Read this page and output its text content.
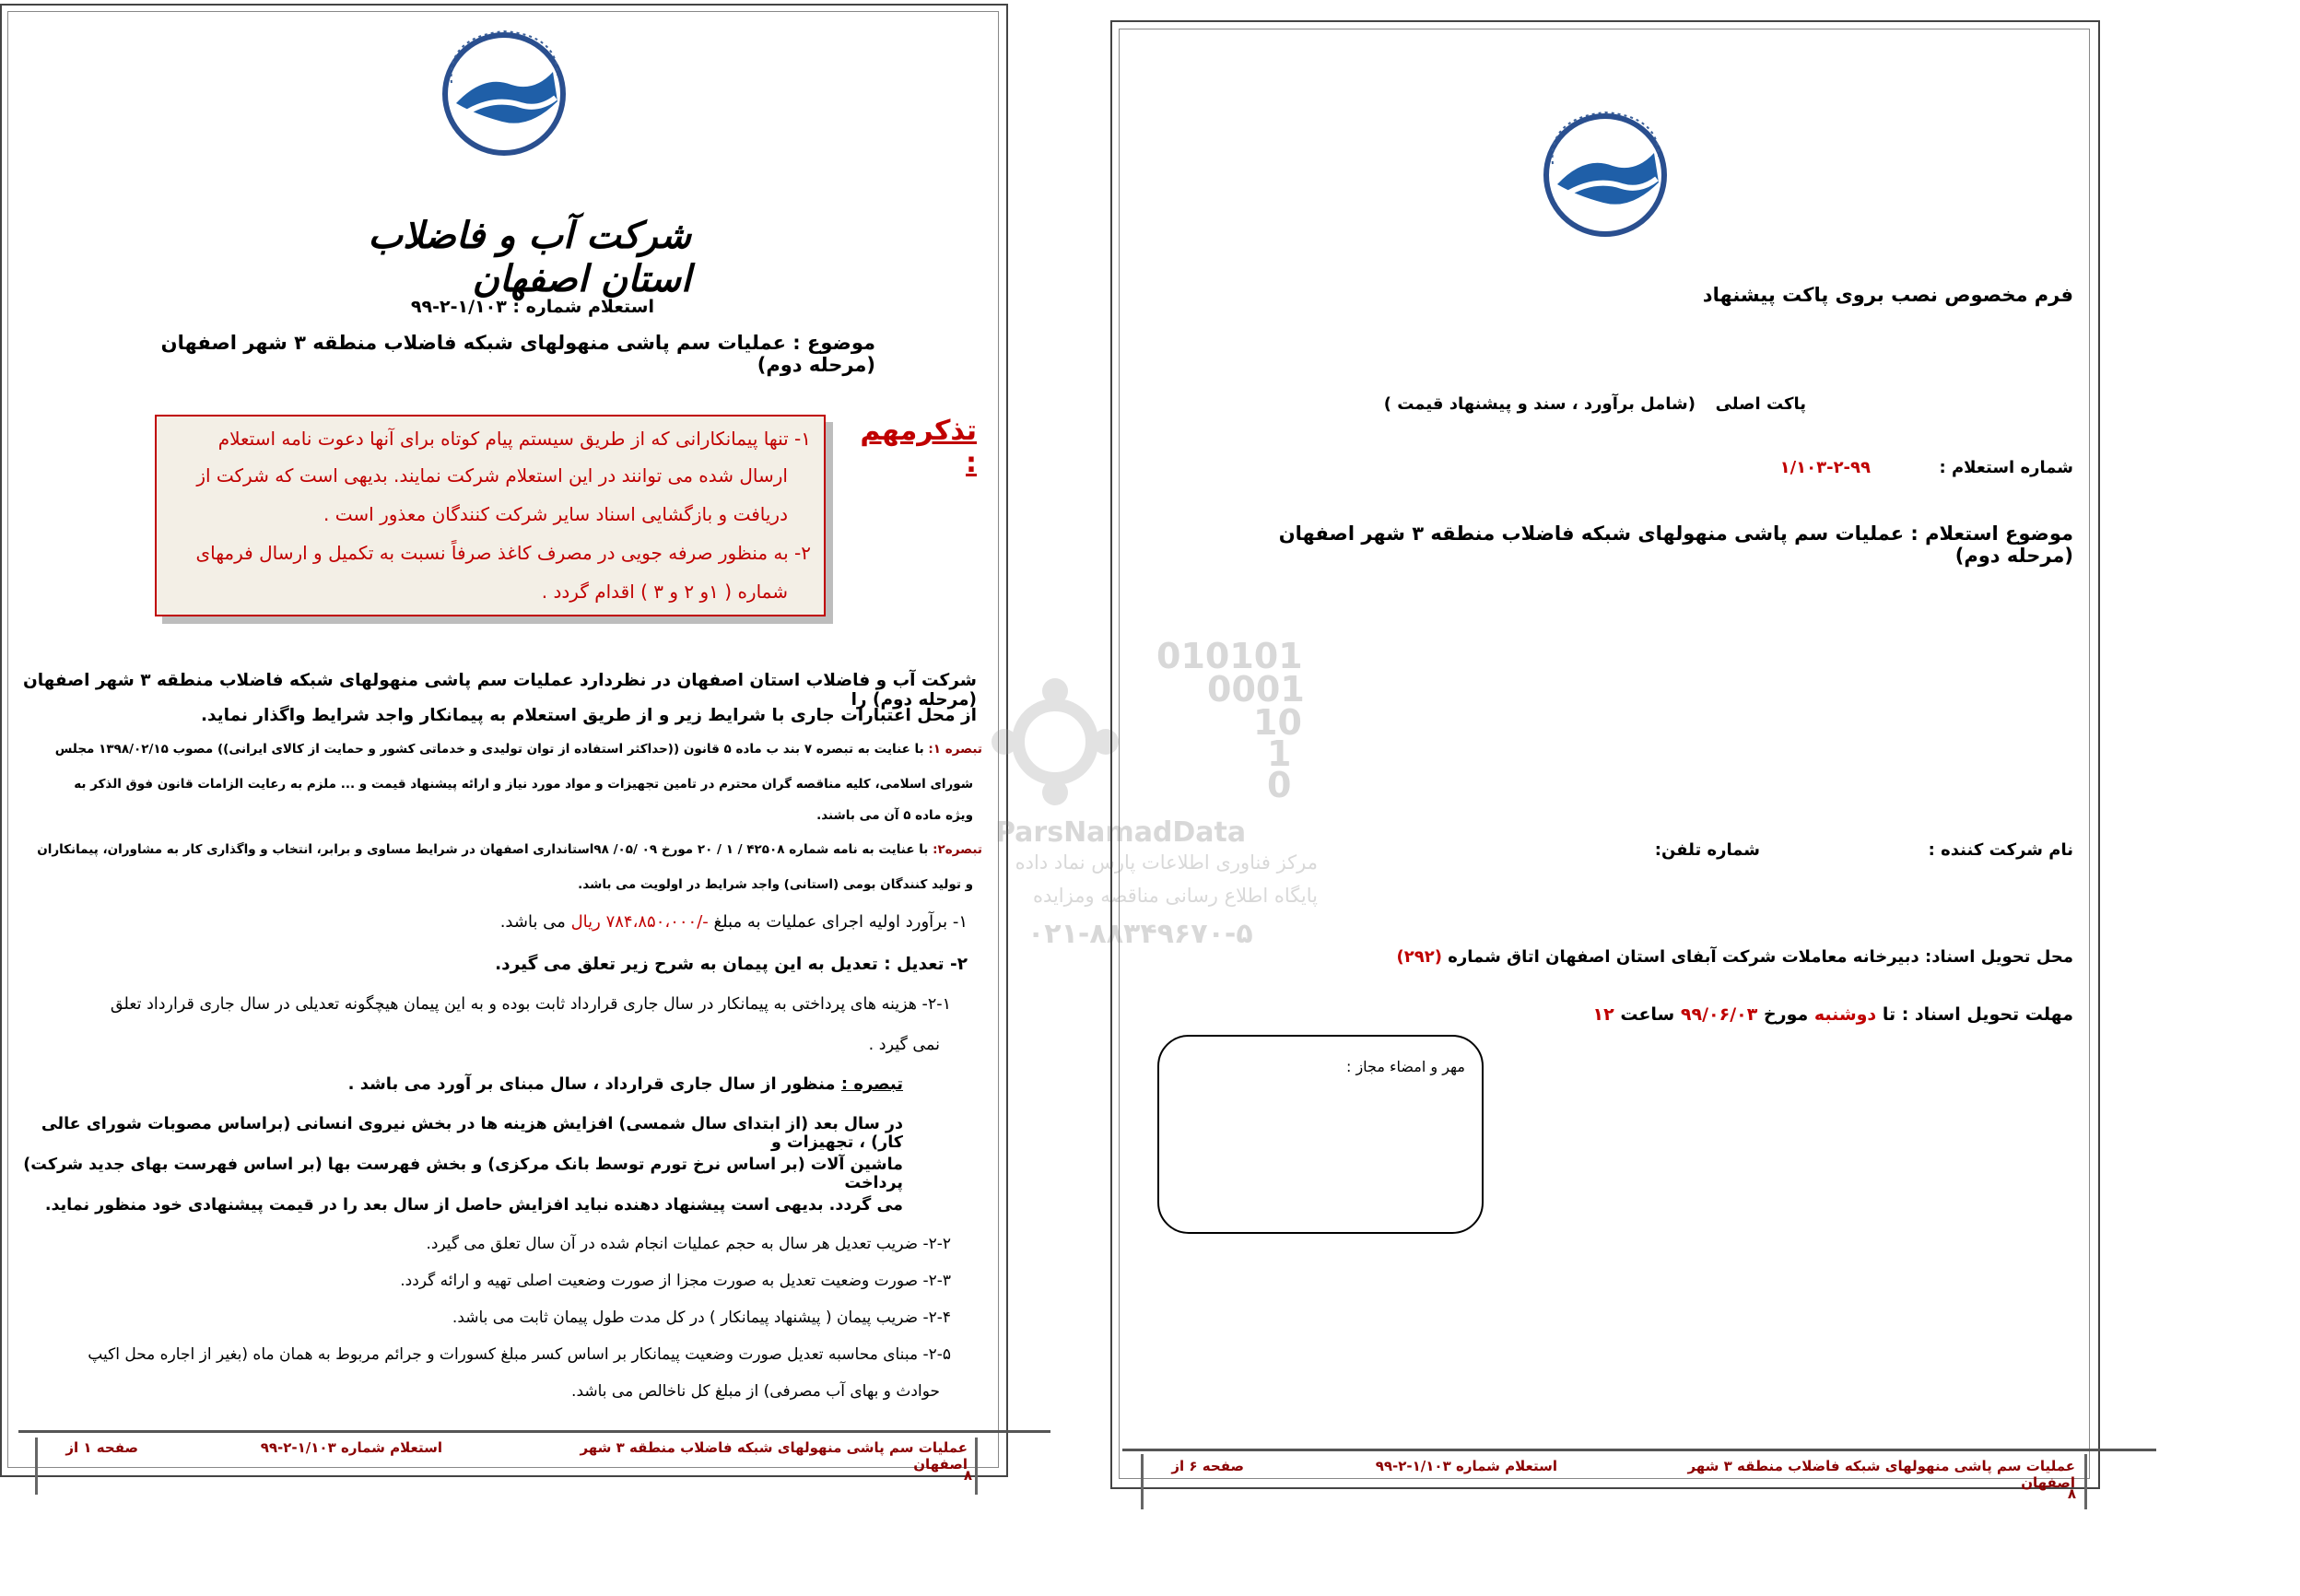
شرکت آب و فاضلاب استان اصفهان
استعلام شماره : ۱/۱۰۳-۲-۹۹
موضوع : عملیات سم پاشی منهولهای شبکه فاضلاب منطقه ۳ شهر اصفهان (مرحله دوم)
تذکرمهم :
۱- تنها پیمانکارانی که از طریق سیستم پیام کوتاه برای آنها دعوت نامه استعلام
ارسال شده می توانند در این استعلام شرکت نمایند. بدیهی است که شرکت از
دریافت و بازگشایی اسناد سایر شرکت کنندگان معذور است .
۲- به منظور صرفه جویی در مصرف کاغذ صرفاً نسبت به تکمیل و ارسال فرمهای
شماره ( ۱و ۲ و ۳ ) اقدام گردد .
شرکت آب و فاضلاب استان اصفهان در نظردارد عملیات سم پاشی منهولهای شبکه فاضلاب منطقه ۳ شهر اصفهان (مرحله دوم) را
از محل اعتبارات جاری با شرایط زیر و از طریق استعلام به پیمانکار واجد شرایط واگذار نماید.
تبصره ۱: با عنایت به تبصره ۷ بند ب ماده ۵ قانون ((حداکثر استفاده از توان تولیدی و خدماتی کشور و حمایت از کالای ایرانی)) مصوب ۱۳۹۸/۰۲/۱۵ مجلس
شورای اسلامی، کلیه مناقصه گران محترم در تامین تجهیزات و مواد مورد نیاز و ارائه پیشنهاد قیمت و ... ملزم به رعایت الزامات قانون فوق الذکر به
ویژه ماده ۵ آن می باشند.
تبصره۲: با عنایت به نامه شماره ۴۲۵۰۸ / ۱ / ۲۰ مورخ ۰۹ /۰۵/ ۹۸استانداری اصفهان در شرایط مساوی و برابر، انتخاب و واگذاری کار به مشاوران، پیمانکاران
و تولید کنندگان بومی (استانی) واجد شرایط در اولویت می باشد.
۱- برآورد اولیه اجرای عملیات به مبلغ -/۷۸۴،۸۵۰،۰۰۰ ریال می باشد.
۲- تعدیل : تعدیل به این پیمان به شرح زیر تعلق می گیرد.
۲-۱- هزینه های پرداختی به پیمانکار در سال جاری قرارداد ثابت بوده و به این پیمان هیچگونه تعدیلی در سال جاری قرارداد تعلق
نمی گیرد .
تبصره : منظور از سال جاری قرارداد ، سال مبنای بر آورد می باشد .
در سال بعد (از ابتدای سال شمسی) افزایش هزینه ها در بخش نیروی انسانی (براساس مصوبات شورای عالی کار) ، تجهیزات و
ماشین آلات (بر اساس نرخ تورم توسط بانک مرکزی) و بخش فهرست بها (بر اساس فهرست بهای جدید شرکت) پرداخت
می گردد. بدیهی است پیشنهاد دهنده نباید افزایش حاصل از سال بعد را در قیمت پیشنهادی خود منظور نماید.
۲-۲- ضریب تعدیل هر سال به حجم عملیات انجام شده در آن سال تعلق می گیرد.
۲-۳- صورت وضعیت تعدیل به صورت مجزا از صورت وضعیت اصلی تهیه و ارائه گردد.
۲-۴- ضریب پیمان ( پیشنهاد پیمانکار ) در کل مدت طول پیمان ثابت می باشد.
۲-۵- مبنای محاسبه تعدیل صورت وضعیت پیمانکار بر اساس کسر مبلغ کسورات و جرائم مربوط به همان ماه (بغیر از اجاره محل اکیپ
حوادث و بهای آب مصرفی) از مبلغ کل ناخالص می باشد.
عملیات سم پاشی منهولهای شبکه فاضلاب منطقه ۳ شهر اصفهان
استعلام شماره ۱/۱۰۳-۲-۹۹
صفحه ۱ از
۸
010101
0001
10
1
0
ParsNamadData
مرکز فناوری اطلاعات پارس نماد داده
پایگاه اطلاع رسانی مناقصه ومزایده
۰۲۱-۸۸۳۴۹۶۷۰-۵
فرم مخصوص نصب بروی پاکت پیشنهاد
پاکت اصلی
(شامل برآورد ، سند و پیشنهاد قیمت )
شماره استعلام :
۱/۱۰۳-۲-۹۹
موضوع استعلام : عملیات سم پاشی منهولهای شبکه فاضلاب منطقه ۳ شهر اصفهان (مرحله دوم)
نام شرکت کننده :
شماره تلفن:
محل تحویل اسناد: دبیرخانه معاملات شرکت آبفای استان اصفهان اتاق شماره (۲۹۲)
مهلت تحویل اسناد : تا دوشنبه مورخ ۹۹/۰۶/۰۳ ساعت ۱۲
مهر و امضاء مجاز :
عملیات سم پاشی منهولهای شبکه فاضلاب منطقه ۳ شهر اصفهان
استعلام شماره ۱/۱۰۳-۲-۹۹
صفحه ۶ از
۸
